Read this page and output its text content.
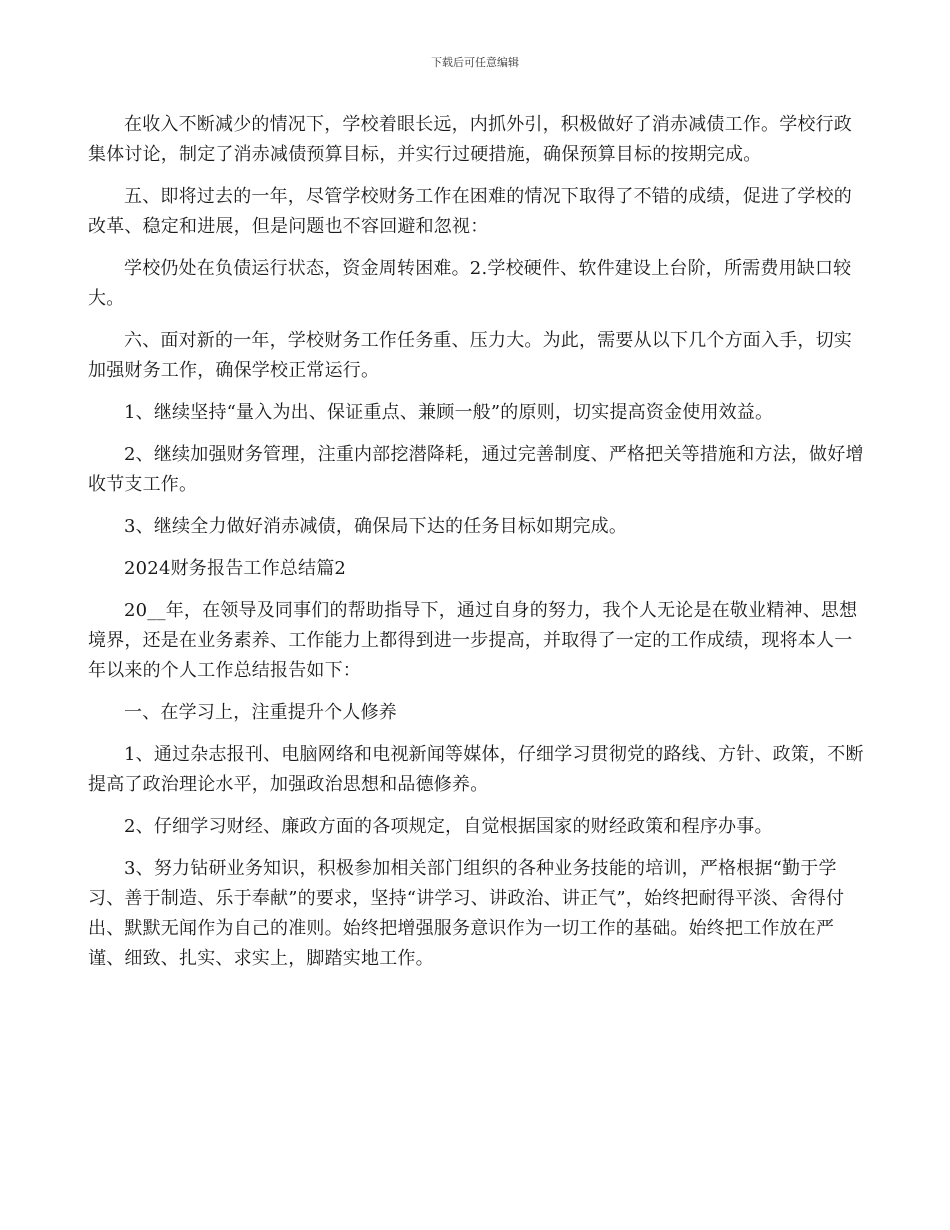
下载后可任意编辑

在收入不断减少的情况下，学校着眼长远，内抓外引，积极做好了消赤减债工作。学校行政集体讨论，制定了消赤减债预算目标，并实行过硬措施，确保预算目标的按期完成。

五、即将过去的一年，尽管学校财务工作在困难的情况下取得了不错的成绩，促进了学校的改革、稳定和进展，但是问题也不容回避和忽视：

学校仍处在负债运行状态，资金周转困难。2.学校硬件、软件建设上台阶，所需费用缺口较大。

六、面对新的一年，学校财务工作任务重、压力大。为此，需要从以下几个方面入手，切实加强财务工作，确保学校正常运行。

1、继续坚持“量入为出、保证重点、兼顾一般”的原则，切实提高资金使用效益。

2、继续加强财务管理，注重内部挖潜降耗，通过完善制度、严格把关等措施和方法，做好增收节支工作。

3、继续全力做好消赤减债，确保局下达的任务目标如期完成。

2024财务报告工作总结篇2

20__年，在领导及同事们的帮助指导下，通过自身的努力，我个人无论是在敬业精神、思想境界，还是在业务素养、工作能力上都得到进一步提高，并取得了一定的工作成绩，现将本人一年以来的个人工作总结报告如下：

一、在学习上，注重提升个人修养

1、通过杂志报刊、电脑网络和电视新闻等媒体，仔细学习贯彻党的路线、方针、政策，不断提高了政治理论水平，加强政治思想和品德修养。

2、仔细学习财经、廉政方面的各项规定，自觉根据国家的财经政策和程序办事。

3、努力钻研业务知识，积极参加相关部门组织的各种业务技能的培训，严格根据“勤于学习、善于制造、乐于奉献”的要求，坚持“讲学习、讲政治、讲正气”，始终把耐得平淡、舍得付出、默默无闻作为自己的准则。始终把增强服务意识作为一切工作的基础。始终把工作放在严谨、细致、扎实、求实上，脚踏实地工作。
